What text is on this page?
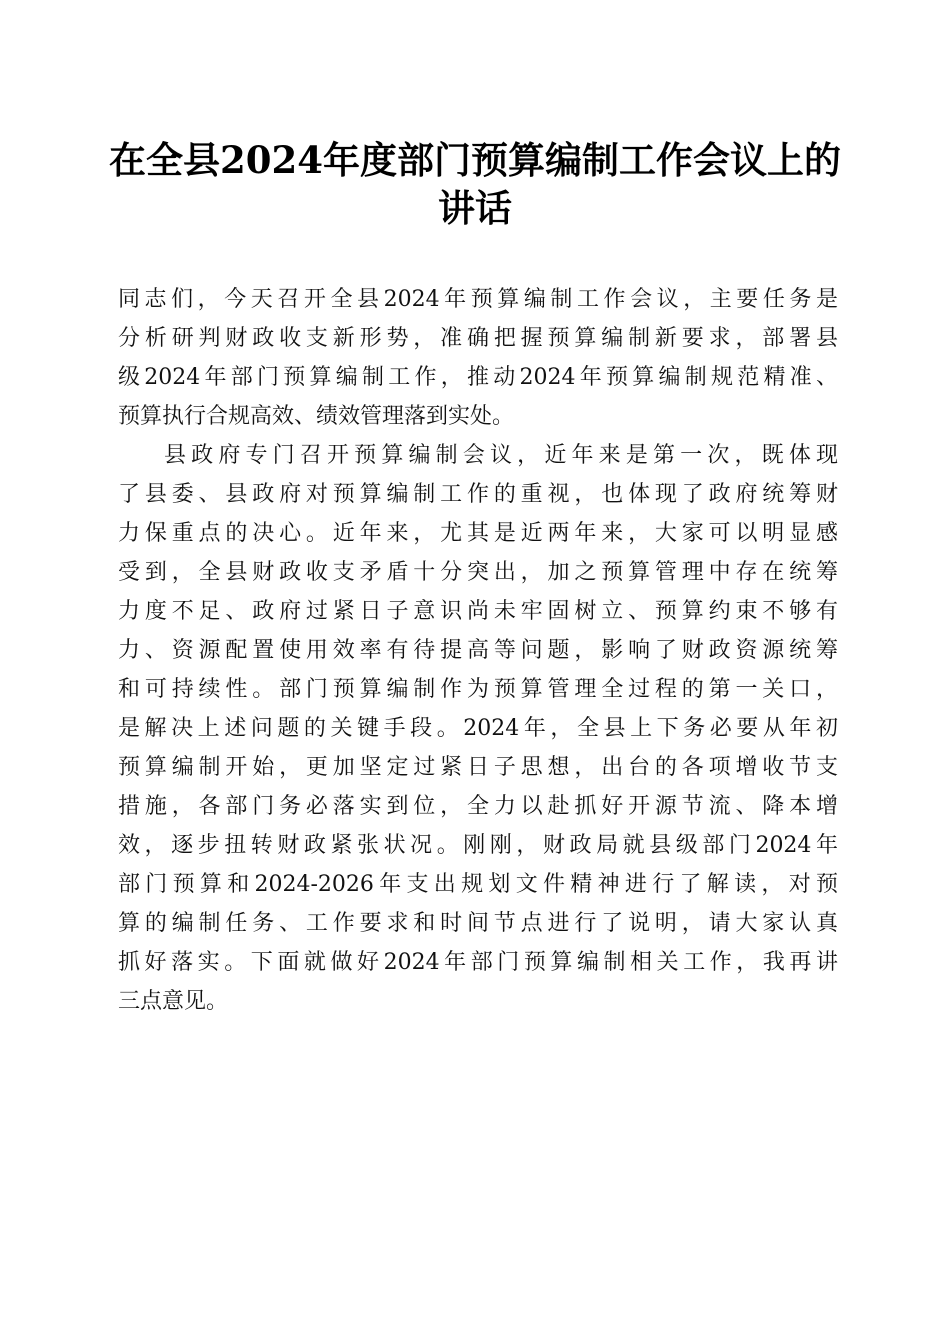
在全县2024年度部门预算编制工作会议上的
讲话

同志们，今天召开全县2024年预算编制工作会议，主要任务是
分析研判财政收支新形势，准确把握预算编制新要求，部署县
级2024年部门预算编制工作，推动2024年预算编制规范精准、
预算执行合规高效、绩效管理落到实处。

县政府专门召开预算编制会议，近年来是第一次，既体现
了县委、县政府对预算编制工作的重视，也体现了政府统筹财
力保重点的决心。近年来，尤其是近两年来，大家可以明显感
受到，全县财政收支矛盾十分突出，加之预算管理中存在统筹
力度不足、政府过紧日子意识尚未牢固树立、预算约束不够有
力、资源配置使用效率有待提高等问题，影响了财政资源统筹
和可持续性。部门预算编制作为预算管理全过程的第一关口，
是解决上述问题的关键手段。2024年，全县上下务必要从年初
预算编制开始，更加坚定过紧日子思想，出台的各项增收节支
措施，各部门务必落实到位，全力以赴抓好开源节流、降本增
效，逐步扭转财政紧张状况。刚刚，财政局就县级部门2024年
部门预算和2024-2026年支出规划文件精神进行了解读，对预
算的编制任务、工作要求和时间节点进行了说明，请大家认真
抓好落实。下面就做好2024年部门预算编制相关工作，我再讲
三点意见。
